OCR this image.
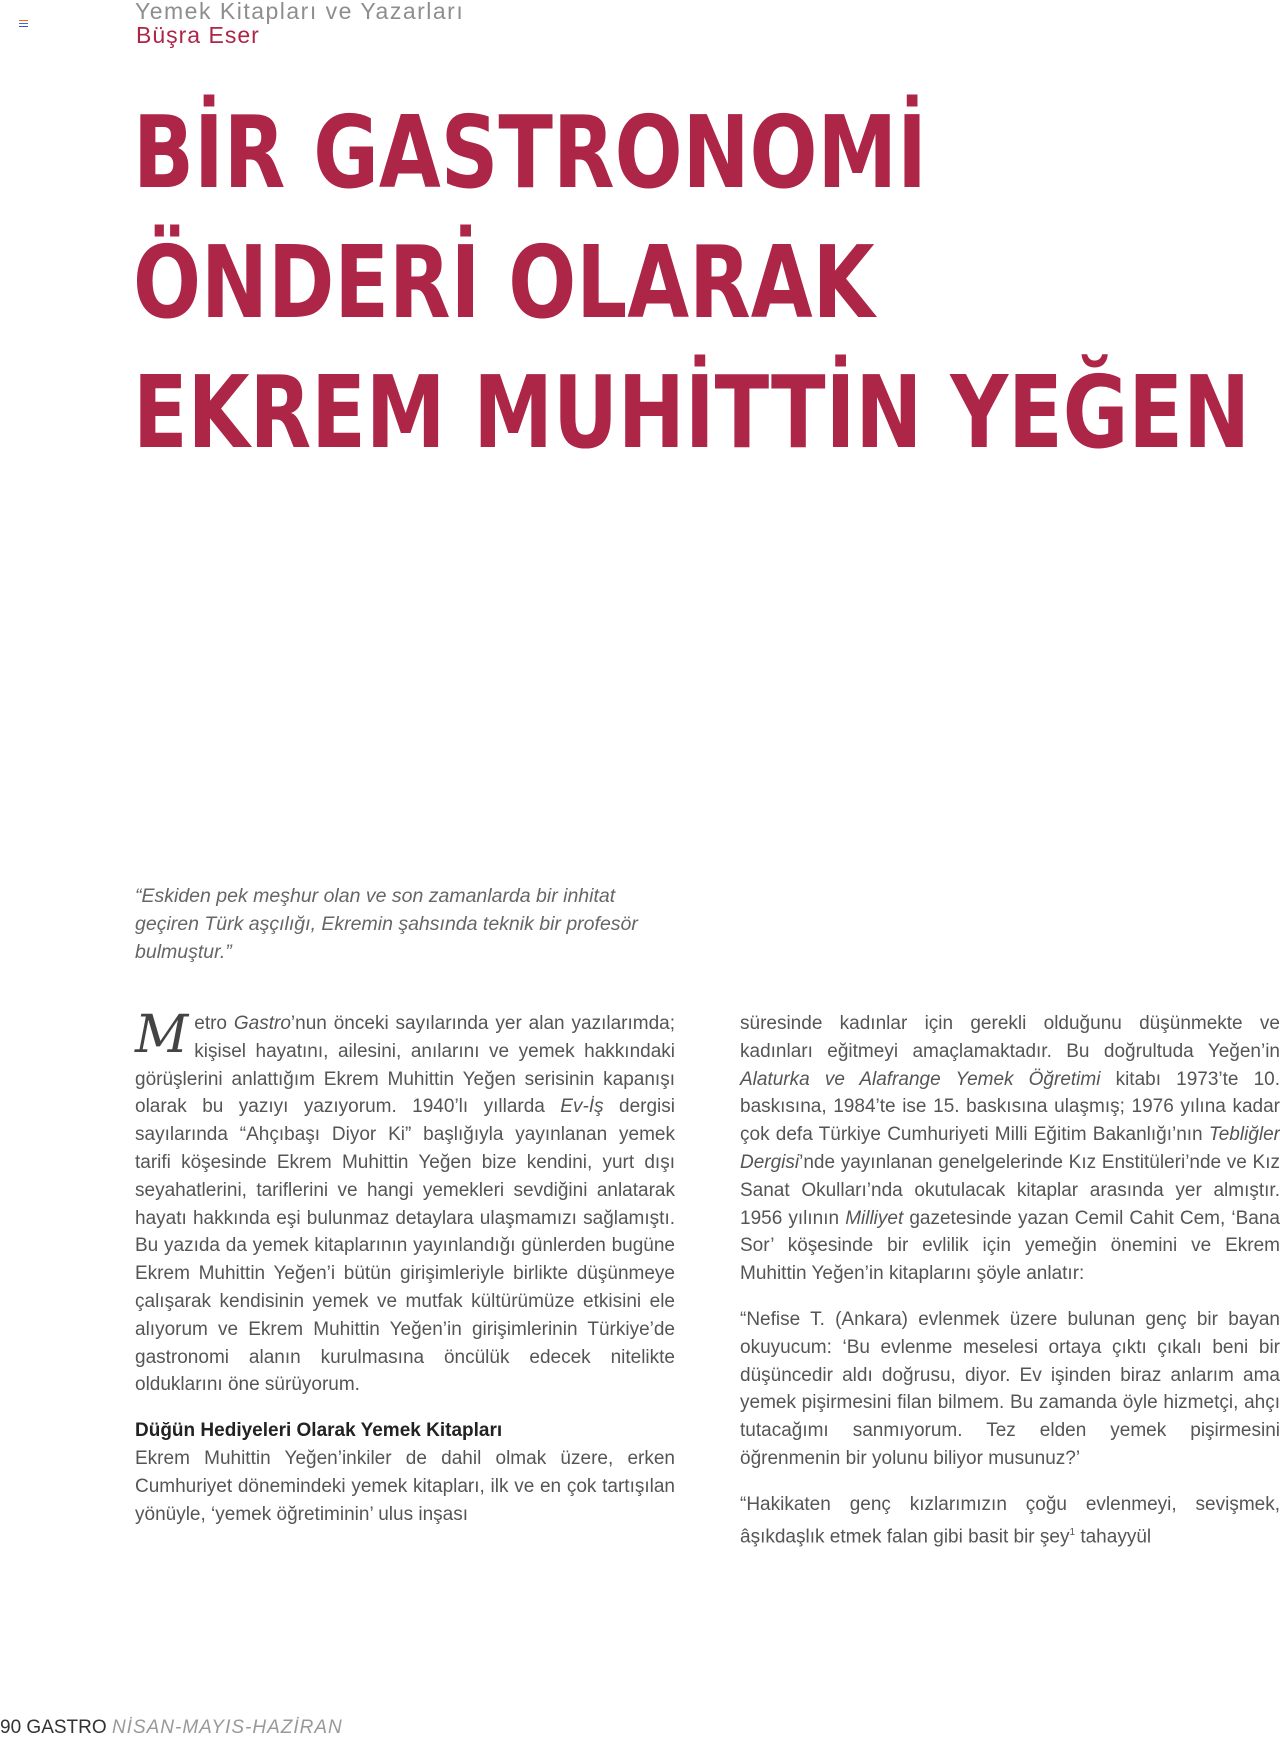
Yemek Kitapları ve Yazarları
Büşra Eser
BİR GASTRONOMİ
ÖNDERİ OLARAK
EKREM MUHİTTİN YEĞEN

“Eskiden pek meşhur olan ve son zamanlarda bir inhitat geçiren Türk aşçılığı, Ekremin şahsında teknik bir profesör bulmuştur.”

Metro Gastro’nun önceki sayılarında yer alan yazılarımda; kişisel hayatını, ailesini, anılarını ve yemek hakkındaki görüşlerini anlattığım Ekrem Muhittin Yeğen serisinin kapanışı olarak bu yazıyı yazıyorum. 1940’lı yıllarda Ev-İş dergisi sayılarında “Ahçıbaşı Diyor Ki” başlığıyla yayınlanan yemek tarifi köşesinde Ekrem Muhittin Yeğen bize kendini, yurt dışı seyahatlerini, tariflerini ve hangi yemekleri sevdiğini anlatarak hayatı hakkında eşi bulunmaz detaylara ulaşmamızı sağlamıştı. Bu yazıda da yemek kitaplarının yayınlandığı günlerden bugüne Ekrem Muhittin Yeğen’i bütün girişimleriyle birlikte düşünmeye çalışarak kendisinin yemek ve mutfak kültürümüze etkisini ele alıyorum ve Ekrem Muhittin Yeğen’in girişimlerinin Türkiye’de gastronomi alanın kurulmasına öncülük edecek nitelikte olduklarını öne sürüyorum.

Düğün Hediyeleri Olarak Yemek Kitapları
Ekrem Muhittin Yeğen’inkiler de dahil olmak üzere, erken Cumhuriyet dönemindeki yemek kitapları, ilk ve en çok tartışılan yönüyle, ‘yemek öğretiminin’ ulus inşası

süresinde kadınlar için gerekli olduğunu düşünmekte ve kadınları eğitmeyi amaçlamaktadır. Bu doğrultuda Yeğen’in Alaturka ve Alafrange Yemek Öğretimi kitabı 1973’te 10. baskısına, 1984’te ise 15. baskısına ulaşmış; 1976 yılına kadar çok defa Türkiye Cumhuriyeti Milli Eğitim Bakanlığı’nın Tebliğler Dergisi’nde yayınlanan genelgelerinde Kız Enstitüleri’nde ve Kız Sanat Okulları’nda okutulacak kitaplar arasında yer almıştır. 1956 yılının Milliyet gazetesinde yazan Cemil Cahit Cem, ‘Bana Sor’ köşesinde bir evlilik için yemeğin önemini ve Ekrem Muhittin Yeğen’in kitaplarını şöyle anlatır:

“Nefise T. (Ankara) evlenmek üzere bulunan genç bir bayan okuyucum: ‘Bu evlenme meselesi ortaya çıktı çıkalı beni bir düşüncedir aldı doğrusu, diyor. Ev işinden biraz anlarım ama yemek pişirmesini filan bilmem. Bu zamanda öyle hizmetçi, ahçı tutacağımı sanmıyorum. Tez elden yemek pişirmesini öğrenmenin bir yolunu biliyor musunuz?’

“Hakikaten genç kızlarımızın çoğu evlenmeyi, sevişmek, âşıkdaşlık etmek falan gibi basit bir şey$^1$ tahayyül

90 GASTRO NİSAN-MAYIS-HAZİRAN
